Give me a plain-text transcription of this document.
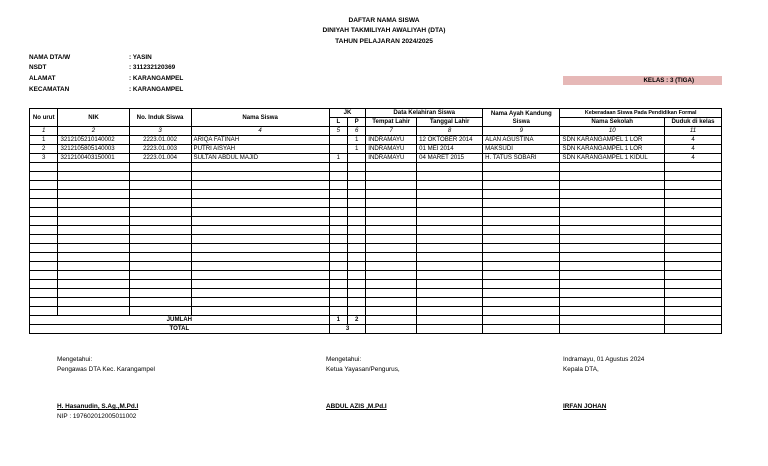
DAFTAR NAMA SISWA
DINIYAH TAKMILIYAH AWALIYAH (DTA)
TAHUN PELAJARAN 2024/2025
NAMA DTA/W	: YASIN
NSDT	: 311232120369
ALAMAT	: KARANGAMPEL
KECAMATAN	: KARANGAMPEL
KELAS : 3 (TIGA)
No urut	NIK	No. Induk Siswa	Nama Siswa	JK		Data Kelahiran Siswa		Nama Ayah Kandung Siswa	Keberadaan Siswa Pada Pendidikan Formal	
				L	P	Tempat Lahir	Tanggal Lahir		Nama Sekolah	Duduk di kelas
1	2	3	4	5	6	7	8	9	10	11
1	3212105210140002	2223.01.002	ARIQA FATINAH		1	INDRAMAYU	12 OKTOBER 2014	ALAN AGUSTINA	SDN KARANGAMPEL 1 LOR	4
2	3212105805140003	2223.01.003	PUTRI AISYAH		1	INDRAMAYU	01 MEI 2014	MAKSUDI	SDN KARANGAMPEL 1 LOR	4
3	3212100403150001	2223.01.004	SULTAN ABDUL MAJID	1		INDRAMAYU	04 MARET 2015	H. TATUS SOBARI	SDN KARANGAMPEL 1 KIDUL	4

JUMLAH				1	2					
TOTAL				3						
Mengetahui:
Pengawas DTA Kec. Karangampel
H. Hasanudin, S.Ag.,M.Pd.I
NIP : 197602012005011002
Mengetahui:
Ketua Yayasan/Pengurus,
ABDUL AZIS ,M.Pd.I
Indramayu, 01 Agustus 2024
Kepala DTA,
IRFAN JOHAN
